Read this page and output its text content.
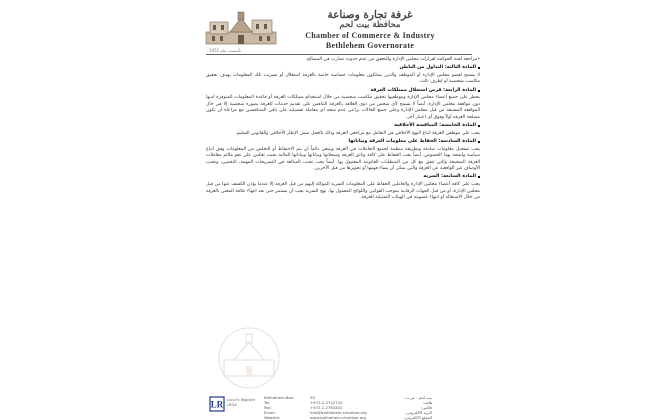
غرفة تجارة وصناعة
محافظة بيت لحم
Chamber of Commerce & Industry
Bethlehem Governorate
تأسست عام 1951

•مراجعة لجنة الحوكمة لقرارات مجلس الإدارة والتحقق من عدم حدوث تضارب في المصالح.

المادة الثالثة: التداول من الباطن

لا يسمح لعضو مجلس الإدارة أو الموظف والذين يمتلكون معلومات حساسة خاصة بالغرفة استغلال أو تسريب تلك المعلومات بهدف تحقيق مكاسب شخصية أو لطرف ثالث.

المادة الرابعة: فرص استغلال ممتلكات الغرفة

يحظر على جميع أعضاء مجلس الإدارة وموظفيها تحقيق مكاسب شخصية من خلال استخدام ممتلكات الغرفة أو قاعدة المعلومات المتوفرة لديها دون موافقة مجلس الإدارة. أيضاً لا يسمح لأي شخص من ذوي العلاقة بالغرفة التنافس على تقديم خدمات للغرفة بصورة شخصية إلا في حال الموافقة المسبقة من قبل مجلس الإدارة وعلى جميع الحالات يراعى عدم منحه أي معاملة تفضيلية على باقي المتنافسين مع مراعاة أن تكون مصلحة الغرفة أولاً وفوق أي اعتبار آخر.

المادة الخامسة: المنافسة الأخلاقية

يجب على موظفي الغرفة اتباع النهج الأخلاقي في التعامل مع مراجعي الغرفة وذلك بالعمل ضمن الإطار الأخلاقي والقانوني السليم.

المادة السادسة: الحفاظ على معلومات الغرفة وبياناتها

يجب تسجيل معلومات صادقة وبطريقة منظمة لجميع التعاملات في الغرفة وينبغي دائماً أن يتم الاحتفاظ أو التخلص من المعلومات وفق اتباع سياسة واضحة بهذا الخصوص. أيضاً يجب الحفاظ على كافة وثائق الغرفة وسجلاتها وبياناتها وبياناتها المالية بحيث تعكس على نحو ملائم معاملات الغرفة الصحيحة والتي تتفق مع كل من المتطلبات القانونية المعمول بها. أيضاً يجب تجنب المبالغة في التصريحات المهمة، التخمين، وتجنب الأوصاف غير الواقعية عن الغرفة والتي يمكن أن يساء فهمها أو تحويرها من قبل الآخرين.

المادة السابعة: السرية

يجب على كافة أعضاء مجلس الإدارة والعاملين الحفاظ على المعلومات السرية الموكلة إليهم من قبل الغرفة إلا عندما يؤذن الكشف عنها من قبل مجلس الإدارة، أو من قبل الجهات الرقابية بموجب القوانين واللوائح المعمول بها. نهج السرية يجب أن يستمر حتى بعد انتهاء علاقة المعني بالغرفة من خلال الاستقالة أو انتهاء عضويته في الهيئات التمثيلية للغرفة.

LR Lloyd's Register LRQA
Bethlehem-Box:
Tel:
Fax:
Email:
Website:
59
+972-2-2742742
+972-2-2764402
info@bethlehem-chamber.org
www.bethlehem-chamber.org
بيت لحم - ص.ب:
هاتف:
فاكس:
البريد الالكتروني:
الموقع الالكتروني:
